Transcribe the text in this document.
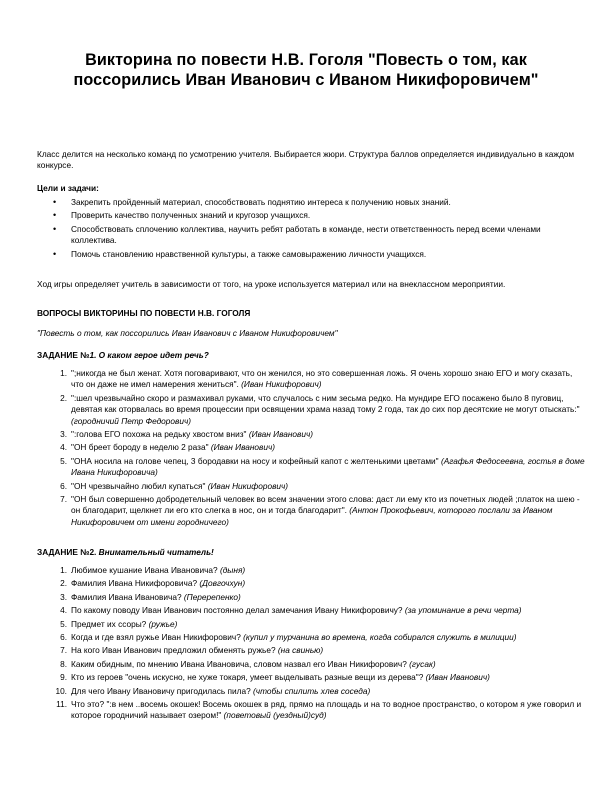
Викторина по повести Н.В. Гоголя "Повесть о том, как поссорились Иван Иванович с Иваном Никифоровичем"

Класс делится на несколько команд по усмотрению учителя. Выбирается жюри. Структура баллов определяется индивидуально в каждом конкурсе.

Цели и задачи:

• Закрепить пройденный материал, способствовать поднятию интереса к получению новых знаний.
• Проверить качество полученных знаний и кругозор учащихся.
• Способствовать сплочению коллектива, научить ребят работать в команде, нести ответственность перед всеми членами коллектива.
• Помочь становлению нравственной культуры, а также самовыражению личности учащихся.

Ход игры определяет учитель в зависимости от того, на уроке используется материал или на внеклассном мероприятии.

ВОПРОСЫ ВИКТОРИНЫ ПО ПОВЕСТИ Н.В. ГОГОЛЯ

"Повесть о том, как поссорились Иван Иванович с Иваном Никифоровичем"

ЗАДАНИЕ №1. О каком герое идет речь?

1. ";никогда не был женат. Хотя поговаривают, что он женился, но это совершенная ложь. Я очень хорошо знаю ЕГО и могу сказать, что он даже не имел намерения жениться". (Иван Никифорович)
2. ":шел чрезвычайно скоро и размахивал руками, что случалось с ним зесьма редко. На мундире ЕГО посажено было 8 пуговиц, девятая как оторвалась во время процессии при освящении храма назад тому 2 года, так до сих пор десятские не могут отыскать:" (городничий Петр Федорович)
3. ":голова ЕГО похожа на редьку хвостом вниз" (Иван Иванович)
4. "ОН бреет бороду в неделю 2 раза" (Иван Иванович)
5. "ОНА носила на голове чепец, 3 бородавки на носу и кофейный капот с желтенькими цветами" (Агафья Федосеевна, гостья в доме Ивана Никифоровича)
6. "ОН чрезвычайно любил купаться" (Иван Никифорович)
7. "ОН был совершенно добродетельный человек во всем значении этого слова: даст ли ему кто из почетных людей ;платок на шею - он благодарит, щелкнет ли его кто слегка в нос, он и тогда благодарит". (Антон Прокофьевич, которого послали за Иваном Никифоровичем от имени городничего)

ЗАДАНИЕ №2. Внимательный читатель!

1. Любимое кушание Ивана Ивановича? (дыня)
2. Фамилия Ивана Никифоровича? (Довгочхун)
3. Фамилия Ивана Ивановича? (Перерепенко)
4. По какому поводу Иван Иванович постоянно делал замечания Ивану Никифоровичу? (за упоминание в речи черта)
5. Предмет их ссоры? (ружье)
6. Когда и где взял ружье Иван Никифорович? (купил у турчанина во времена, когда собирался служить в милиции)
7. На кого Иван Иванович предложил обменять ружье? (на свинью)
8. Каким обидным, по мнению Ивана Ивановича, словом назвал его Иван Никифорович? (гусак)
9. Кто из героев "очень искусно, не хуже токаря, умеет выделывать разные вещи из дерева"? (Иван Иванович)
10. Для чего Ивану Ивановичу пригодилась пила? (чтобы спилить хлев соседа)
11. Что это? ":в нем ..восемь окошек! Восемь окошек в ряд, прямо на площадь и на то водное пространство, о котором я уже говорил и которое городничий называет озером!" (поветовый (уездный)суд)
